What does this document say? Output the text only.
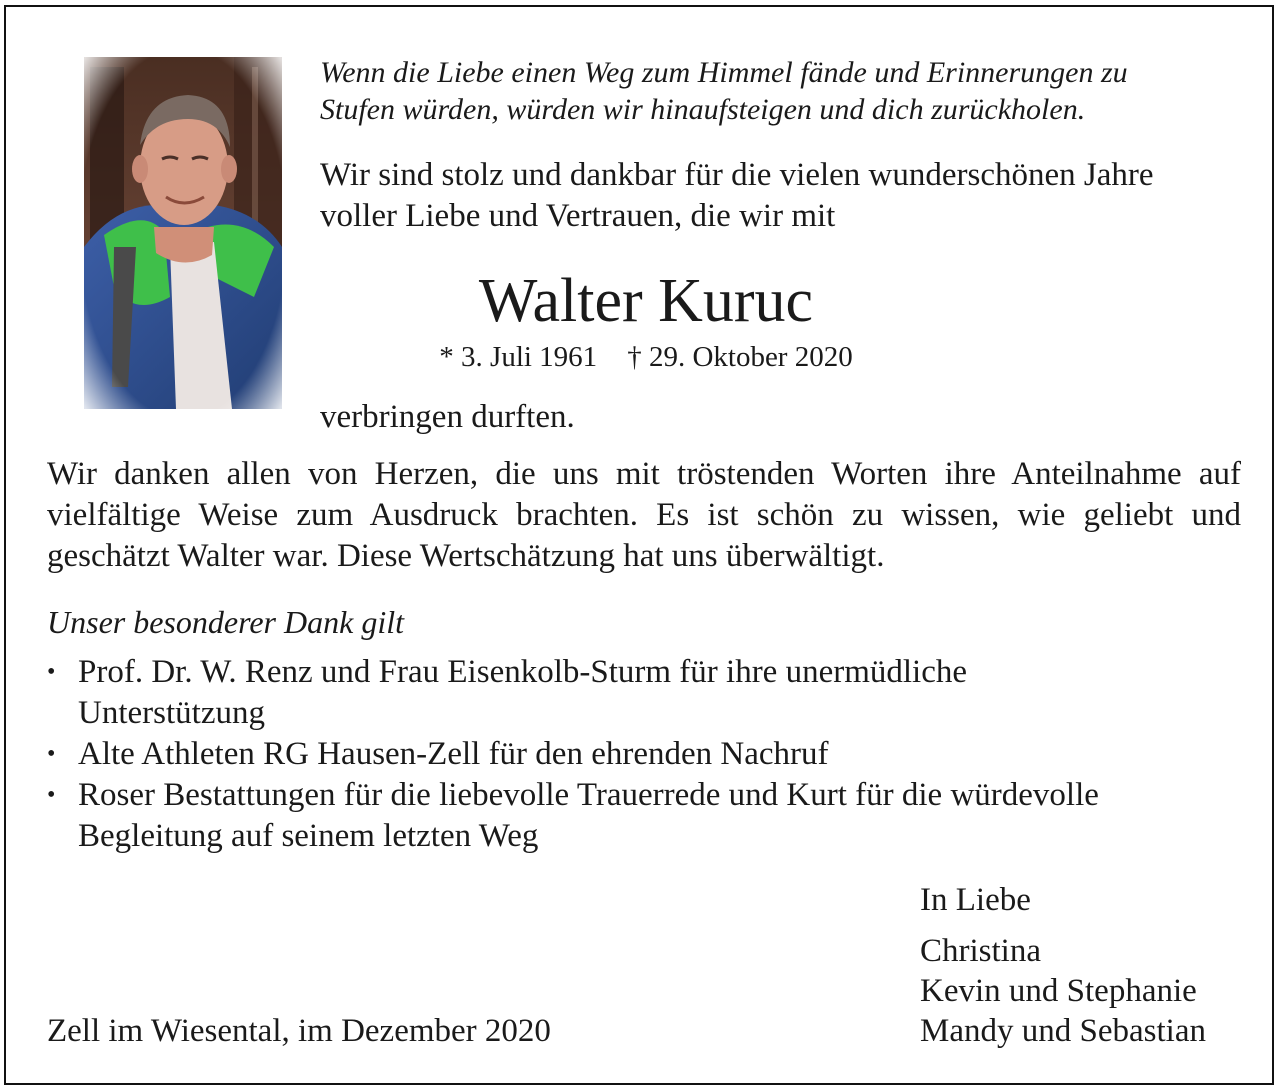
Wenn die Liebe einen Weg zum Himmel fände und Erinnerungen zu
Stufen würden, würden wir hinaufsteigen und dich zurückholen.

Wir sind stolz und dankbar für die vielen wunderschönen Jahre
voller Liebe und Vertrauen, die wir mit

Walter Kuruc
* 3. Juli 1961 † 29. Oktober 2020

verbringen durften.

Wir danken allen von Herzen, die uns mit tröstenden Worten ihre Anteilnahme auf
vielfältige Weise zum Ausdruck brachten. Es ist schön zu wissen, wie geliebt und
geschätzt Walter war. Diese Wertschätzung hat uns überwältigt.

Unser besonderer Dank gilt

• Prof. Dr. W. Renz und Frau Eisenkolb-Sturm für ihre unermüdliche
Unterstützung
• Alte Athleten RG Hausen-Zell für den ehrenden Nachruf
• Roser Bestattungen für die liebevolle Trauerrede und Kurt für die würdevolle
Begleitung auf seinem letzten Weg
In Liebe
Christina
Kevin und Stephanie
Mandy und Sebastian
Zell im Wiesental, im Dezember 2020
